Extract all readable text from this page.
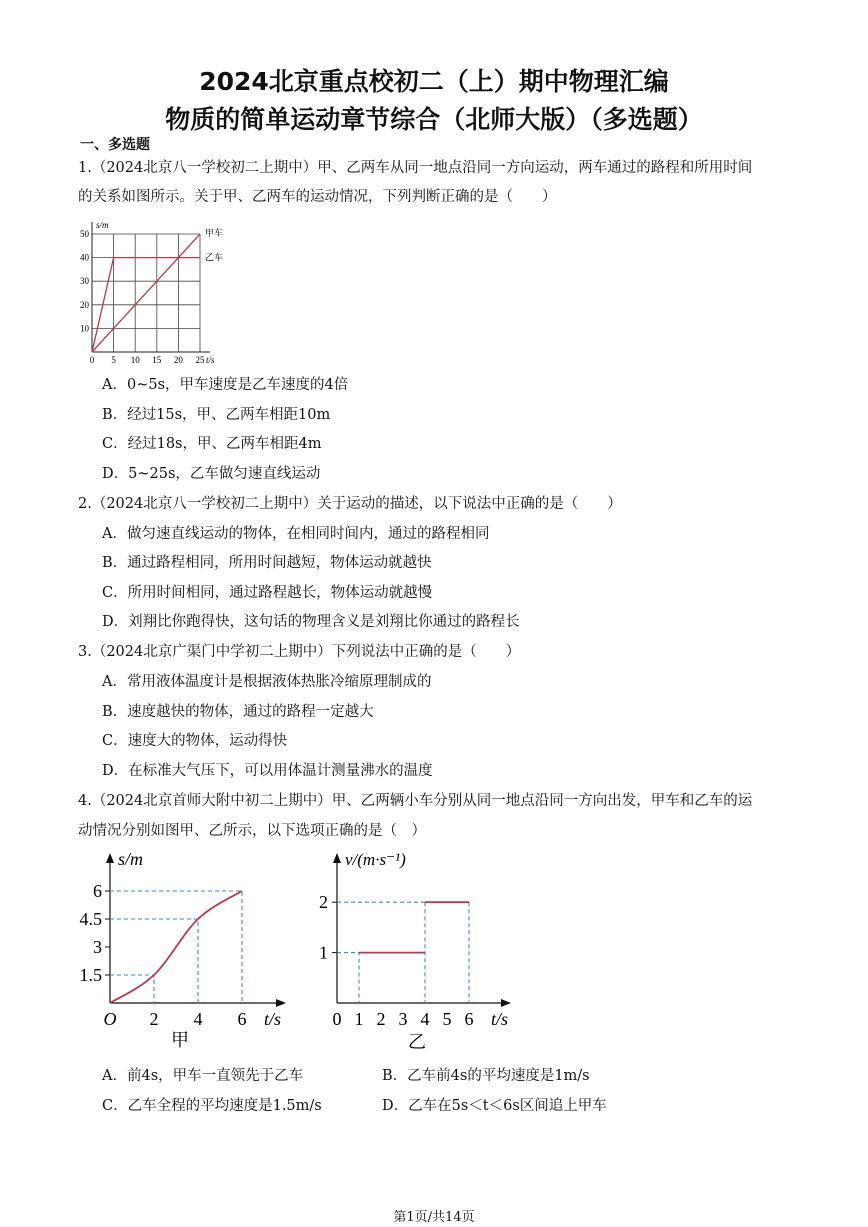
2024北京重点校初二（上）期中物理汇编
物质的简单运动章节综合（北师大版）（多选题）
一、多选题
1.（2024北京八一学校初二上期中）甲、乙两车从同一地点沿同一方向运动，两车通过的路程和所用时间
的关系如图所示。关于甲、乙两车的运动情况，下列判断正确的是（　　）
0 5 10 15 20 25
10
20
30
40
50
s/m
t/s
甲车
乙车
A．0~5s，甲车速度是乙车速度的4倍
B．经过15s，甲、乙两车相距10m
C．经过18s，甲、乙两车相距4m
D．5~25s，乙车做匀速直线运动
2.（2024北京八一学校初二上期中）关于运动的描述，以下说法中正确的是（　　）
A．做匀速直线运动的物体，在相同时间内，通过的路程相同
B．通过路程相同，所用时间越短，物体运动就越快
C．所用时间相同，通过路程越长，物体运动就越慢
D．刘翔比你跑得快，这句话的物理含义是刘翔比你通过的路程长
3.（2024北京广渠门中学初二上期中）下列说法中正确的是（　　）
A．常用液体温度计是根据液体热胀冷缩原理制成的
B．速度越快的物体，通过的路程一定越大
C．速度大的物体，运动得快
D．在标准大气压下，可以用体温计测量沸水的温度
4.（2024北京首师大附中初二上期中）甲、乙两辆小车分别从同一地点沿同一方向出发，甲车和乙车的运
动情况分别如图甲、乙所示，以下选项正确的是（　）
O 2 4 6
1.5
3
4.5
6
s/m
t/s
甲
0 1 2 3 4 5 6
1
2
v/(m·s⁻¹)
t/s
乙
A．前4s，甲车一直领先于乙车	B．乙车前4s的平均速度是1m/s
C．乙车全程的平均速度是1.5m/s	D．乙车在5s＜t＜6s区间追上甲车
第1页/共14页
